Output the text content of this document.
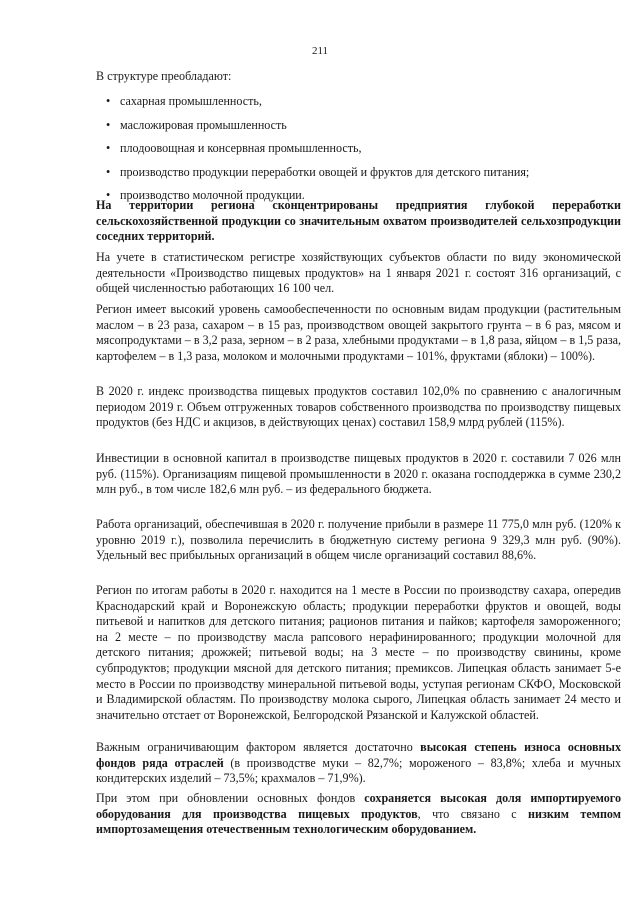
211
В структуре преобладают:
• сахарная промышленность,
• масложировая промышленность
• плодоовощная и консервная промышленность,
• производство продукции переработки овощей и фруктов для детского питания;
• производство молочной продукции.

На территории региона сконцентрированы предприятия глубокой переработки сельскохозяйственной продукции со значительным охватом производителей сельхозпродукции соседних территорий.

На учете в статистическом регистре хозяйствующих субъектов области по виду экономической деятельности «Производство пищевых продуктов» на 1 января 2021 г. состоят 316 организаций, с общей численностью работающих 16 100 чел.

Регион имеет высокий уровень самообеспеченности по основным видам продукции (растительным маслом – в 23 раза, сахаром – в 15 раз, производством овощей закрытого грунта – в 6 раз, мясом и мясопродуктами – в 3,2 раза, зерном – в 2 раза, хлебными продуктами – в 1,8 раза, яйцом – в 1,5 раза, картофелем – в 1,3 раза, молоком и молочными продуктами – 101%, фруктами (яблоки) – 100%).

В 2020 г. индекс производства пищевых продуктов составил 102,0% по сравнению с аналогичным периодом 2019 г. Объем отгруженных товаров собственного производства по производству пищевых продуктов (без НДС и акцизов, в действующих ценах) составил 158,9 млрд рублей (115%).

Инвестиции в основной капитал в производстве пищевых продуктов в 2020 г. составили 7 026 млн руб. (115%). Организациям пищевой промышленности в 2020 г. оказана господдержка в сумме 230,2 млн руб., в том числе 182,6 млн руб. – из федерального бюджета.

Работа организаций, обеспечившая в 2020 г. получение прибыли в размере 11 775,0 млн руб. (120% к уровню 2019 г.), позволила перечислить в бюджетную систему региона 9 329,3 млн руб. (90%). Удельный вес прибыльных организаций в общем числе организаций составил 88,6%.

Регион по итогам работы в 2020 г. находится на 1 месте в России по производству сахара, опередив Краснодарский край и Воронежскую область; продукции переработки фруктов и овощей, воды питьевой и напитков для детского питания; рационов питания и пайков; картофеля замороженного; на 2 месте – по производству масла рапсового нерафинированного; продукции молочной для детского питания; дрожжей; питьевой воды; на 3 месте – по производству свинины, кроме субпродуктов; продукции мясной для детского питания; премиксов. Липецкая область занимает 5-е место в России по производству минеральной питьевой воды, уступая регионам СКФО, Московской и Владимирской областям. По производству молока сырого, Липецкая область занимает 24 место и значительно отстает от Воронежской, Белгородской Рязанской и Калужской областей.

Важным ограничивающим фактором является достаточно высокая степень износа основных фондов ряда отраслей (в производстве муки – 82,7%; мороженого – 83,8%; хлеба и мучных кондитерских изделий – 73,5%; крахмалов – 71,9%).

При этом при обновлении основных фондов сохраняется высокая доля импортируемого оборудования для производства пищевых продуктов, что связано с низким темпом импортозамещения отечественным технологическим оборудованием.
